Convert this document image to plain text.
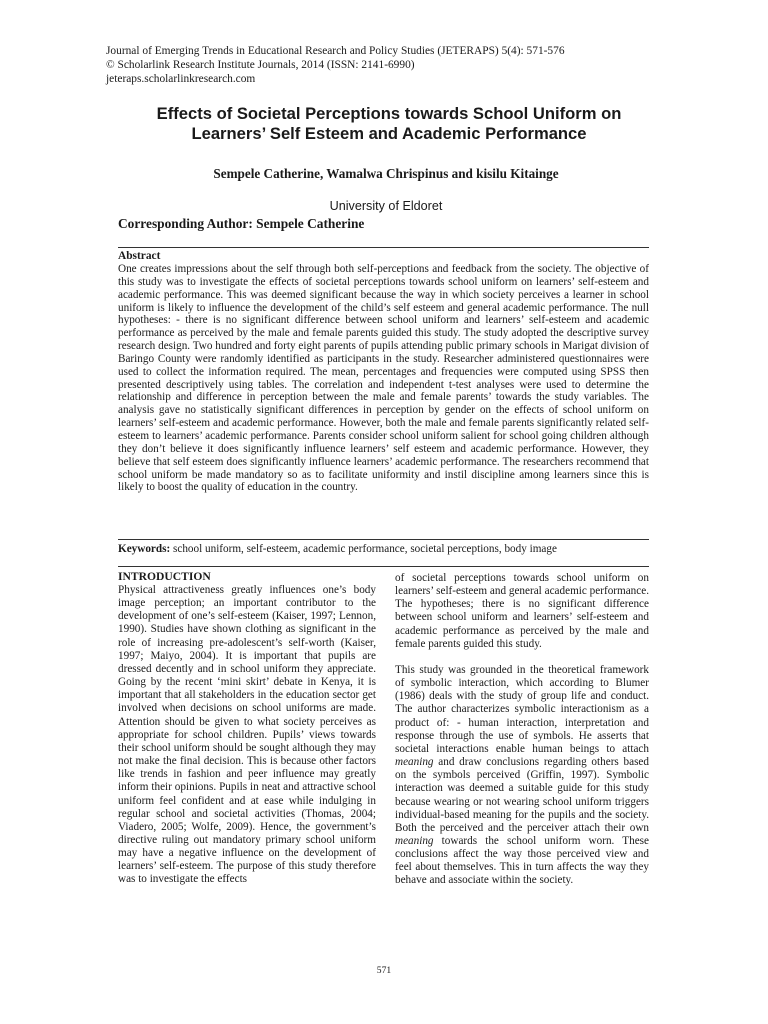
Journal of Emerging Trends in Educational Research and Policy Studies (JETERAPS) 5(4): 571-576
© Scholarlink Research Institute Journals, 2014 (ISSN: 2141-6990)
jeteraps.scholarlinkresearch.com
Effects of Societal Perceptions towards School Uniform on
Learners’ Self Esteem and Academic Performance
Sempele Catherine, Wamalwa Chrispinus and kisilu Kitainge
University of Eldoret
Corresponding Author: Sempele Catherine
Abstract
One creates impressions about the self through both self-perceptions and feedback from the society. The objective of this study was to investigate the effects of societal perceptions towards school uniform on learners’ self-esteem and academic performance. This was deemed significant because the way in which society perceives a learner in school uniform is likely to influence the development of the child’s self esteem and general academic performance. The null hypotheses: - there is no significant difference between school uniform and learners’ self-esteem and academic performance as perceived by the male and female parents guided this study. The study adopted the descriptive survey research design. Two hundred and forty eight parents of pupils attending public primary schools in Marigat division of Baringo County were randomly identified as participants in the study. Researcher administered questionnaires were used to collect the information required. The mean, percentages and frequencies were computed using SPSS then presented descriptively using tables. The correlation and independent t-test analyses were used to determine the relationship and difference in perception between the male and female parents’ towards the study variables. The analysis gave no statistically significant differences in perception by gender on the effects of school uniform on learners’ self-esteem and academic performance. However, both the male and female parents significantly related self-esteem to learners’ academic performance. Parents consider school uniform salient for school going children although they don’t believe it does significantly influence learners’ self esteem and academic performance. However, they believe that self esteem does significantly influence learners’ academic performance. The researchers recommend that school uniform be made mandatory so as to facilitate uniformity and instil discipline among learners since this is likely to boost the quality of education in the country.
Keywords: school uniform, self-esteem, academic performance, societal perceptions, body image
INTRODUCTION
Physical attractiveness greatly influences one’s body image perception; an important contributor to the development of one’s self-esteem (Kaiser, 1997; Lennon, 1990). Studies have shown clothing as significant in the role of increasing pre-adolescent’s self-worth (Kaiser, 1997; Maiyo, 2004). It is important that pupils are dressed decently and in school uniform they appreciate. Going by the recent ‘mini skirt’ debate in Kenya, it is important that all stakeholders in the education sector get involved when decisions on school uniforms are made. Attention should be given to what society perceives as appropriate for school children. Pupils’ views towards their school uniform should be sought although they may not make the final decision. This is because other factors like trends in fashion and peer influence may greatly inform their opinions. Pupils in neat and attractive school uniform feel confident and at ease while indulging in regular school and societal activities (Thomas, 2004; Viadero, 2005; Wolfe, 2009). Hence, the government’s directive ruling out mandatory primary school uniform may have a negative influence on the development of learners’ self-esteem. The purpose of this study therefore was to investigate the effects
of societal perceptions towards school uniform on learners’ self-esteem and general academic performance. The hypotheses; there is no significant difference between school uniform and learners’ self-esteem and academic performance as perceived by the male and female parents guided this study.
This study was grounded in the theoretical framework of symbolic interaction, which according to Blumer (1986) deals with the study of group life and conduct. The author characterizes symbolic interactionism as a product of: - human interaction, interpretation and response through the use of symbols. He asserts that societal interactions enable human beings to attach meaning and draw conclusions regarding others based on the symbols perceived (Griffin, 1997). Symbolic interaction was deemed a suitable guide for this study because wearing or not wearing school uniform triggers individual-based meaning for the pupils and the society. Both the perceived and the perceiver attach their own meaning towards the school uniform worn. These conclusions affect the way those perceived view and feel about themselves. This in turn affects the way they behave and associate within the society.
571
